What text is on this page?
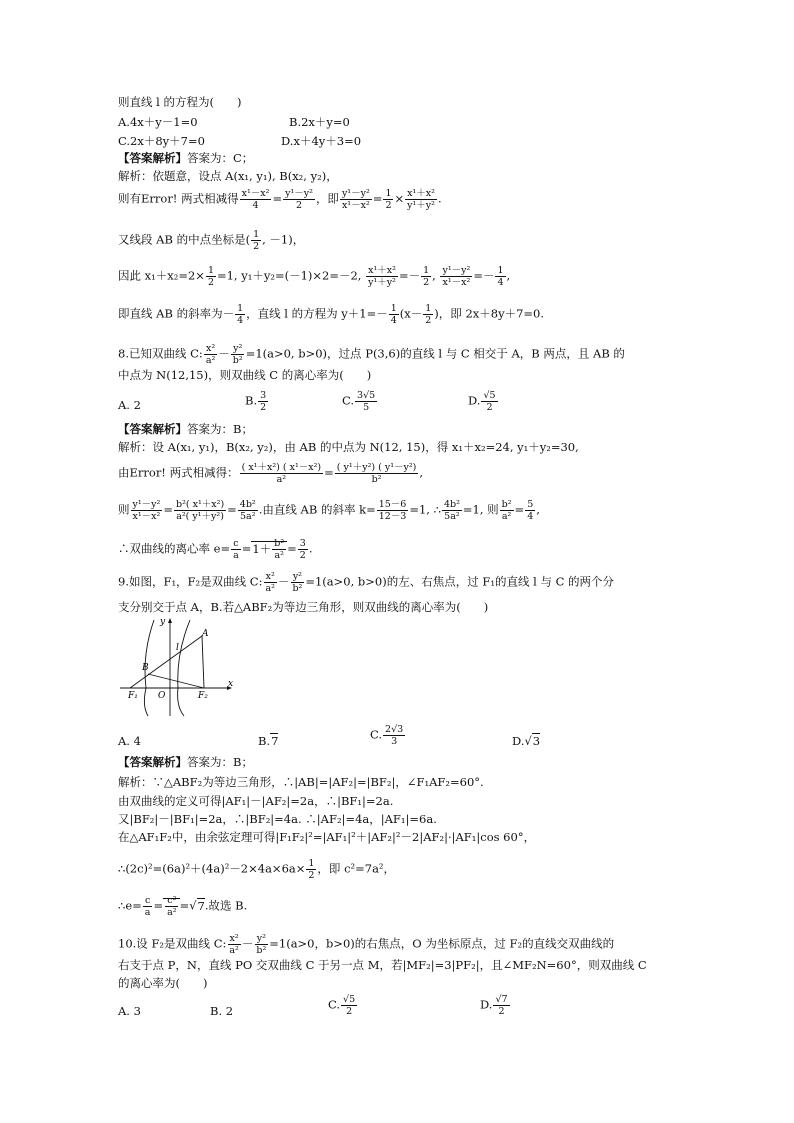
则直线 l 的方程为(　　)
A.4x＋y－1=0	B.2x＋y=0
C.2x＋8y＋7=0	D.x＋4y＋3=0
【答案解析】答案为：C；
解析：依题意，设点 A(x₁, y₁), B(x₂, y₂)，
则有Error! 两式相减得 $\frac{\text{x¹－x²}}{4} = \frac{\text{y¹－y²}}{2}$ ，即 $\frac{\text{y¹－y²}}{\text{x¹－x²}} = \frac{1}{2} \times \frac{\text{x¹＋x²}}{\text{y¹＋y²}}$ .
又线段 AB 的中点坐标是( $\frac{1}{2}$ , －1)，
因此 $x_1+x_2=2\times \frac{1}{2} =1$, y₁＋y₂=(－1)×2=－2, $\frac{\text{x¹＋x²}}{\text{y¹＋y²}} =- \frac{1}{2}$ , $\frac{\text{y¹－y²}}{\text{x¹－x²}} =- \frac{1}{4}$ ,
即直线 AB 的斜率为－ $\frac{1}{4}$ ，直线 l 的方程为 $y+1=- \frac{1}{4} (x- \frac{1}{2}$ )，即 2x＋8y＋7=0.
8.已知双曲线 C: $\frac{\text{x²}}{\text{a²}} - \frac{\text{y²}}{\text{b²}} =1(a>0$, b>0)，过点 P(3,6)的直线 l 与 C 相交于 A，B 两点，且 AB 的
中点为 N(12,15)，则双曲线 C 的离心率为(　　)
A. 2	B. $\frac{3}{2}$	C. $\frac{3√5}{5}$	D. $\frac{√5}{2}$
【答案解析】答案为：B；
解析：设 A(x₁, y₁)，B(x₂, y₂)，由 AB 的中点为 N(12, 15)，得 x₁＋x₂=24, y₁＋y₂=30,
由Error! 两式相减得： $\frac{\text{( x¹＋x²) ( x¹－x²)}}{\text{a²}} = \frac{\text{( y¹＋y²) ( y¹－y²)}}{\text{b²}}$ ,
则 $\frac{\text{y¹－y²}}{\text{x¹－x²}} = \frac{\text{b²( x¹＋x²)}}{\text{a²( y¹＋y²)}} = \frac{\text{4b²}}{\text{5a²}}$ .由直线 AB 的斜率 $k= \frac{15-6}{12-3} =1$, ∴ $\frac{\text{4b²}}{\text{5a²}} =1$, 则 $\frac{\text{b²}}{\text{a²}} = \frac{5}{4}$ ,
∴双曲线的离心率 $e= \frac{c}{a} =1+ \frac{\text{b²}}{\text{a²}} = \frac{3}{2}$ .
9.如图，F₁，F₂是双曲线 C: $\frac{\text{x²}}{\text{a²}} - \frac{\text{y²}}{\text{b²}} =1(a>0$, b>0)的左、右焦点，过 F₁的直线 l 与 C 的两个分
支分别交于点 A，B.若△ABF₂为等边三角形，则双曲线的离心率为(　　)
y
x
l
A
B
O
F₁	F₂
A. 4	B.7	C. $\frac{2√3}{3}$	D.√3
【答案解析】答案为：B；
解析：∵△ABF₂为等边三角形，∴|AB|=|AF₂|=|BF₂|，∠F₁AF₂=60°.
由双曲线的定义可得|AF₁|－|AF₂|=2a，∴|BF₁|=2a.
又|BF₂|－|BF₁|=2a，∴|BF₂|=4a. ∴|AF₂|=4a，|AF₁|=6a.
在△AF₁F₂中，由余弦定理可得|F₁F₂|²=|AF₁|²＋|AF₂|²－2|AF₂|·|AF₁|cos 60°，
∴(2c)²=(6a)²＋(4a)²－2×4a×6a× $\frac{1}{2}$ ，即 c²=7a²，
∴e= $\frac{c}{a} = \frac{\text{c²}}{\text{a²}} =√7$.故选 B.
10.设 F₂是双曲线 C: $\frac{\text{x²}}{\text{a²}} - \frac{\text{y²}}{\text{b²}} =1(a>0$，b>0)的右焦点，O 为坐标原点，过 F₂的直线交双曲线的
右支于点 P，N，直线 PO 交双曲线 C 于另一点 M，若|MF₂|=3|PF₂|，且∠MF₂N=60°，则双曲线 C
的离心率为(　　)
A. 3	B. 2	C. $\frac{√5}{2}$	D. $\frac{√7}{2}$
